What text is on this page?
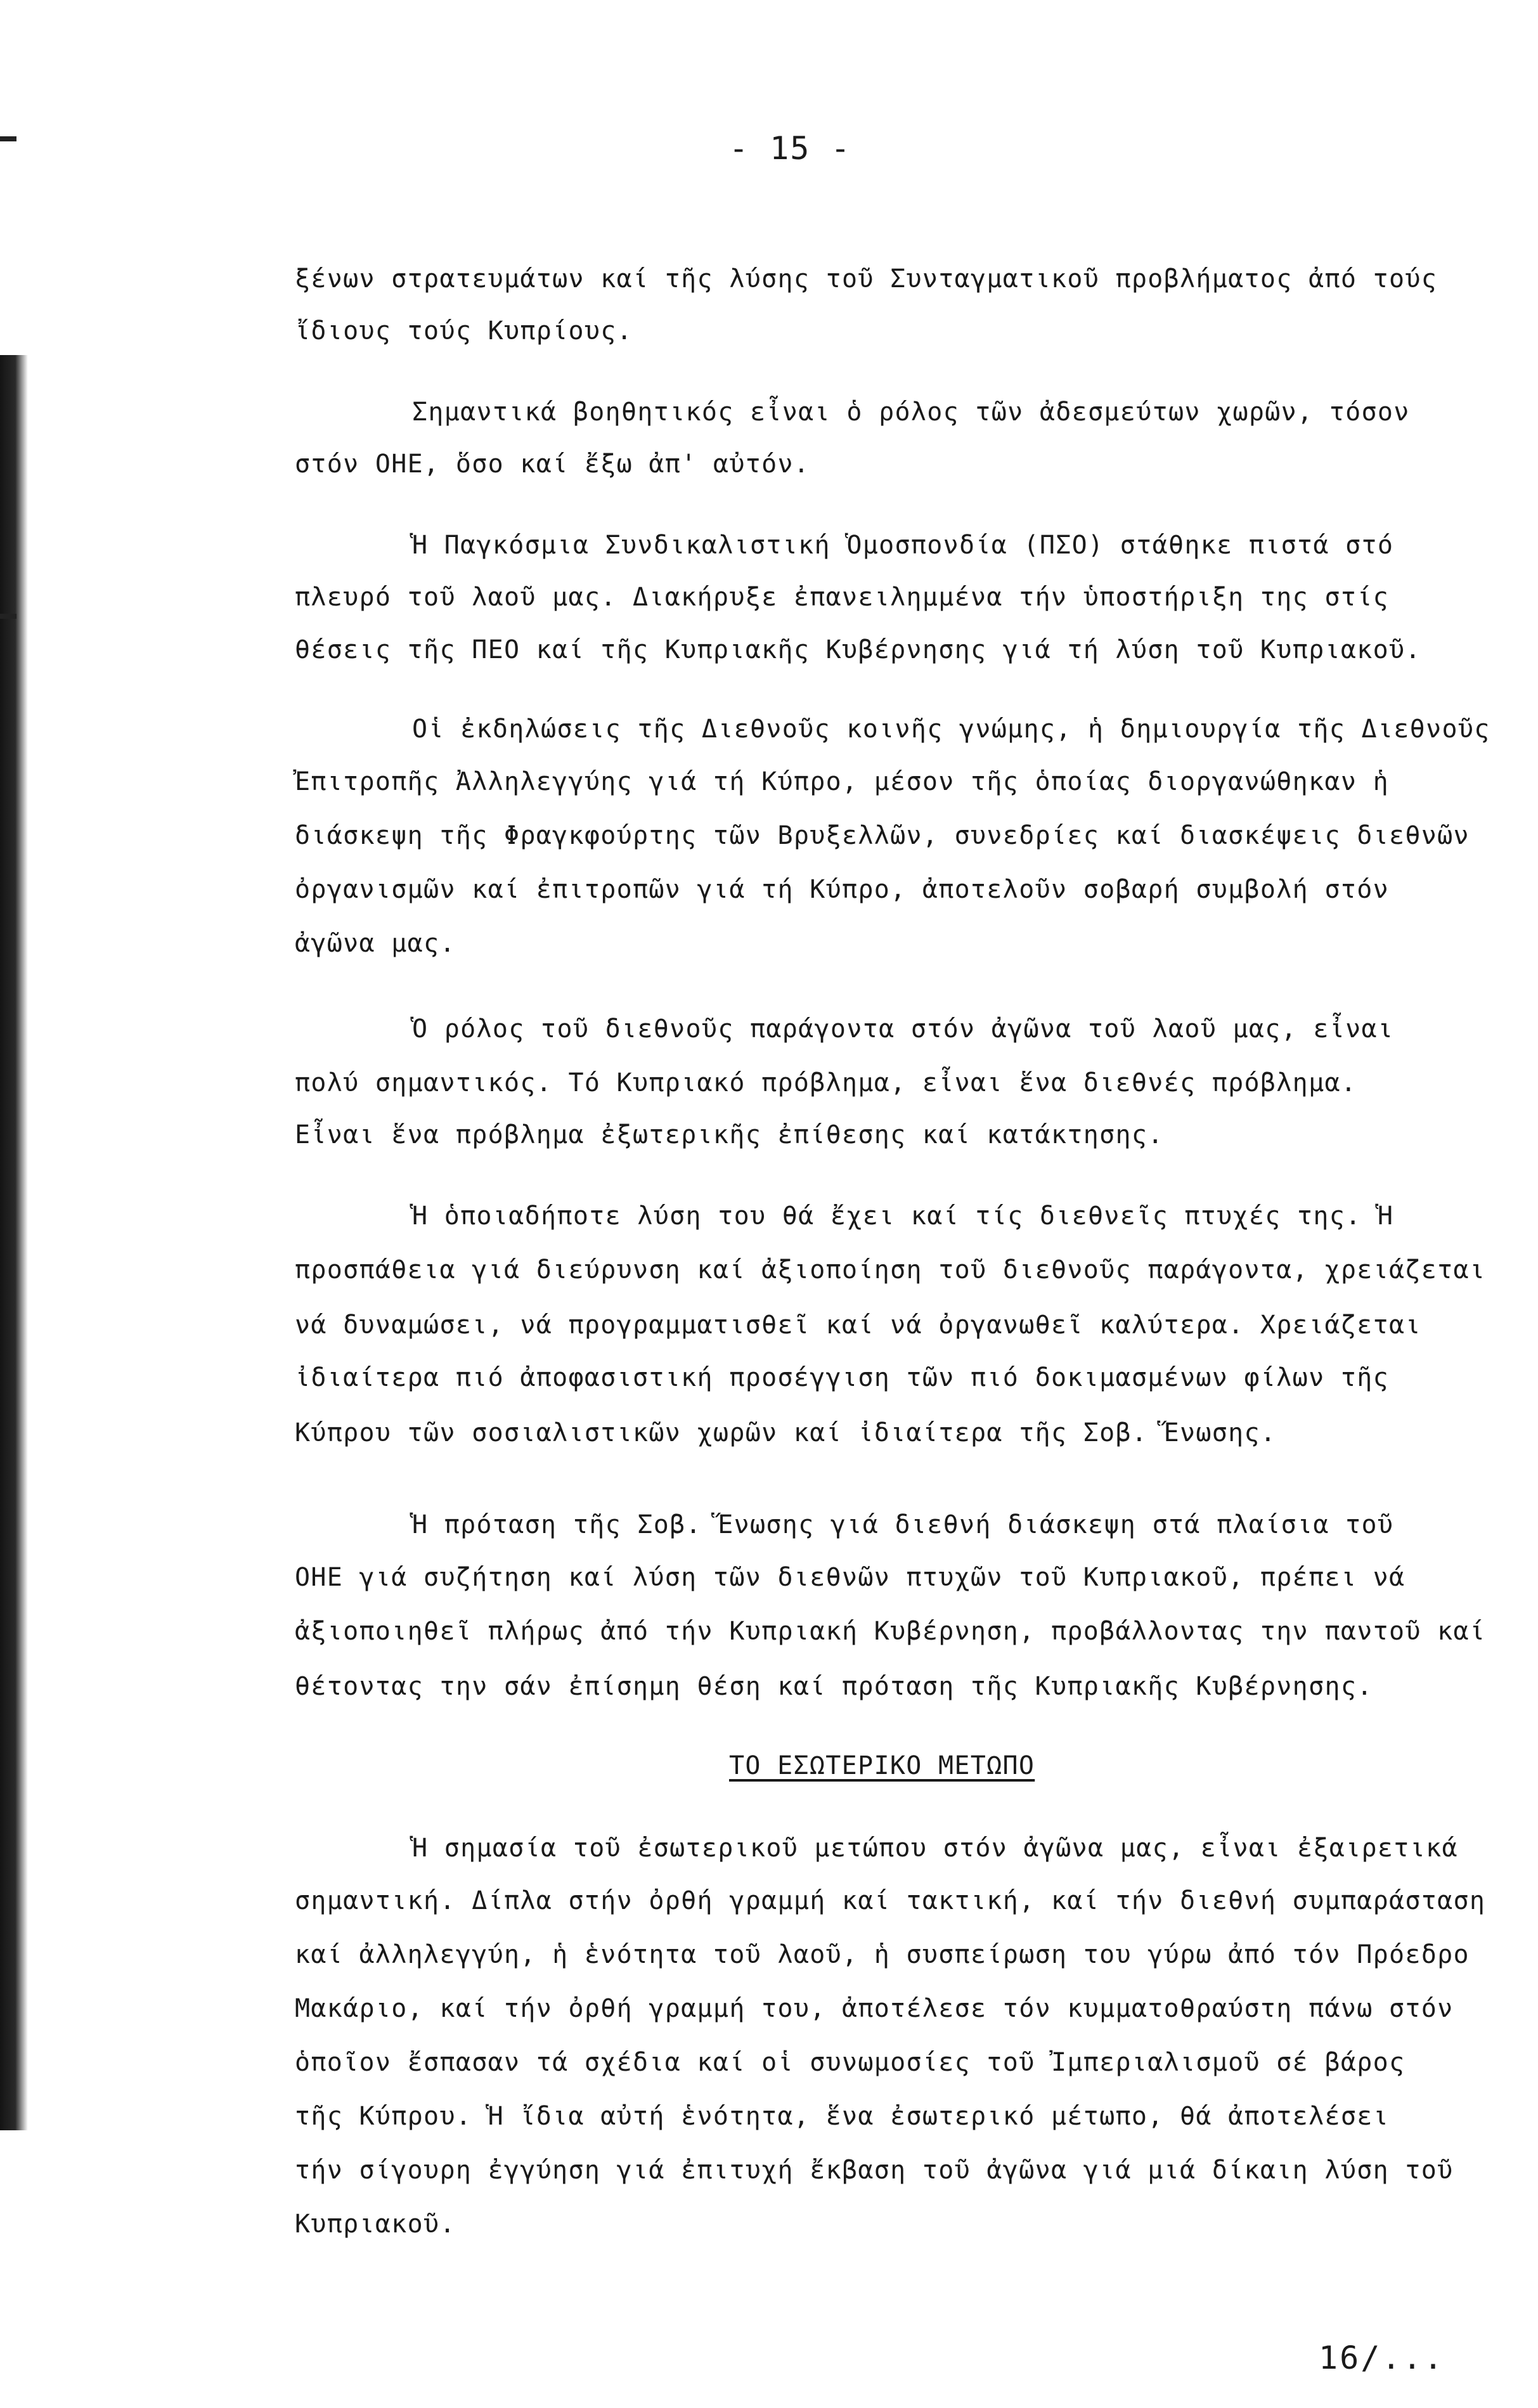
- 15 -
ξένων στρατευμάτων καί τῆς λύσης τοῦ Συνταγματικοῦ προβλήματος ἀπό τούς
ἴδιους τούς Κυπρίους.
Σημαντικά βοηθητικός εἶναι ὁ ρόλος τῶν ἀδεσμεύτων χωρῶν, τόσον
στόν ΟΗΕ, ὅσο καί ἔξω ἀπ' αὐτόν.
Ἡ Παγκόσμια Συνδικαλιστική Ὁμοσπονδία (ΠΣΟ) στάθηκε πιστά στό
πλευρό τοῦ λαοῦ μας. Διακήρυξε ἐπανειλημμένα τήν ὑποστήριξη της στίς
θέσεις τῆς ΠΕΟ καί τῆς Κυπριακῆς Κυβέρνησης γιά τή λύση τοῦ Κυπριακοῦ.
Οἱ ἐκδηλώσεις τῆς Διεθνοῦς κοινῆς γνώμης, ἡ δημιουργία τῆς Διεθνοῦς
Ἐπιτροπῆς Ἀλληλεγγύης γιά τή Κύπρο, μέσον τῆς ὁποίας διοργανώθηκαν ἡ
διάσκεψη τῆς Φραγκφούρτης τῶν Βρυξελλῶν, συνεδρίες καί διασκέψεις διεθνῶν
ὀργανισμῶν καί ἐπιτροπῶν γιά τή Κύπρο, ἀποτελοῦν σοβαρή συμβολή στόν
ἀγῶνα μας.
Ὁ ρόλος τοῦ διεθνοῦς παράγοντα στόν ἀγῶνα τοῦ λαοῦ μας, εἶναι
πολύ σημαντικός. Τό Κυπριακό πρόβλημα, εἶναι ἕνα διεθνές πρόβλημα.
Εἶναι ἕνα πρόβλημα ἐξωτερικῆς ἐπίθεσης καί κατάκτησης.
Ἡ ὁποιαδήποτε λύση του θά ἔχει καί τίς διεθνεῖς πτυχές της. Ἡ
προσπάθεια γιά διεύρυνση καί ἀξιοποίηση τοῦ διεθνοῦς παράγοντα, χρειάζεται
νά δυναμώσει, νά προγραμματισθεῖ καί νά ὀργανωθεῖ καλύτερα. Χρειάζεται
ἰδιαίτερα πιό ἀποφασιστική προσέγγιση τῶν πιό δοκιμασμένων φίλων τῆς
Κύπρου τῶν σοσιαλιστικῶν χωρῶν καί ἰδιαίτερα τῆς Σοβ. Ἕνωσης.
Ἡ πρόταση τῆς Σοβ. Ἕνωσης γιά διεθνή διάσκεψη στά πλαίσια τοῦ
ΟΗΕ γιά συζήτηση καί λύση τῶν διεθνῶν πτυχῶν τοῦ Κυπριακοῦ, πρέπει νά
ἀξιοποιηθεῖ πλήρως ἀπό τήν Κυπριακή Κυβέρνηση, προβάλλοντας την παντοῦ καί
θέτοντας την σάν ἐπίσημη θέση καί πρόταση τῆς Κυπριακῆς Κυβέρνησης.
ΤΟ ΕΣΩΤΕΡΙΚΟ ΜΕΤΩΠΟ
Ἡ σημασία τοῦ ἐσωτερικοῦ μετώπου στόν ἀγῶνα μας, εἶναι ἐξαιρετικά
σημαντική. Δίπλα στήν ὀρθή γραμμή καί τακτική, καί τήν διεθνή συμπαράσταση
καί ἀλληλεγγύη, ἡ ἑνότητα τοῦ λαοῦ, ἡ συσπείρωση του γύρω ἀπό τόν Πρόεδρο
Μακάριο, καί τήν ὀρθή γραμμή του, ἀποτέλεσε τόν κυμματοθραύστη πάνω στόν
ὁποῖον ἔσπασαν τά σχέδια καί οἱ συνωμοσίες τοῦ Ἰμπεριαλισμοῦ σέ βάρος
τῆς Κύπρου. Ἡ ἴδια αὐτή ἑνότητα, ἕνα ἐσωτερικό μέτωπο, θά ἀποτελέσει
τήν σίγουρη ἐγγύηση γιά ἐπιτυχή ἔκβαση τοῦ ἀγῶνα γιά μιά δίκαιη λύση τοῦ
Κυπριακοῦ.
16/...
